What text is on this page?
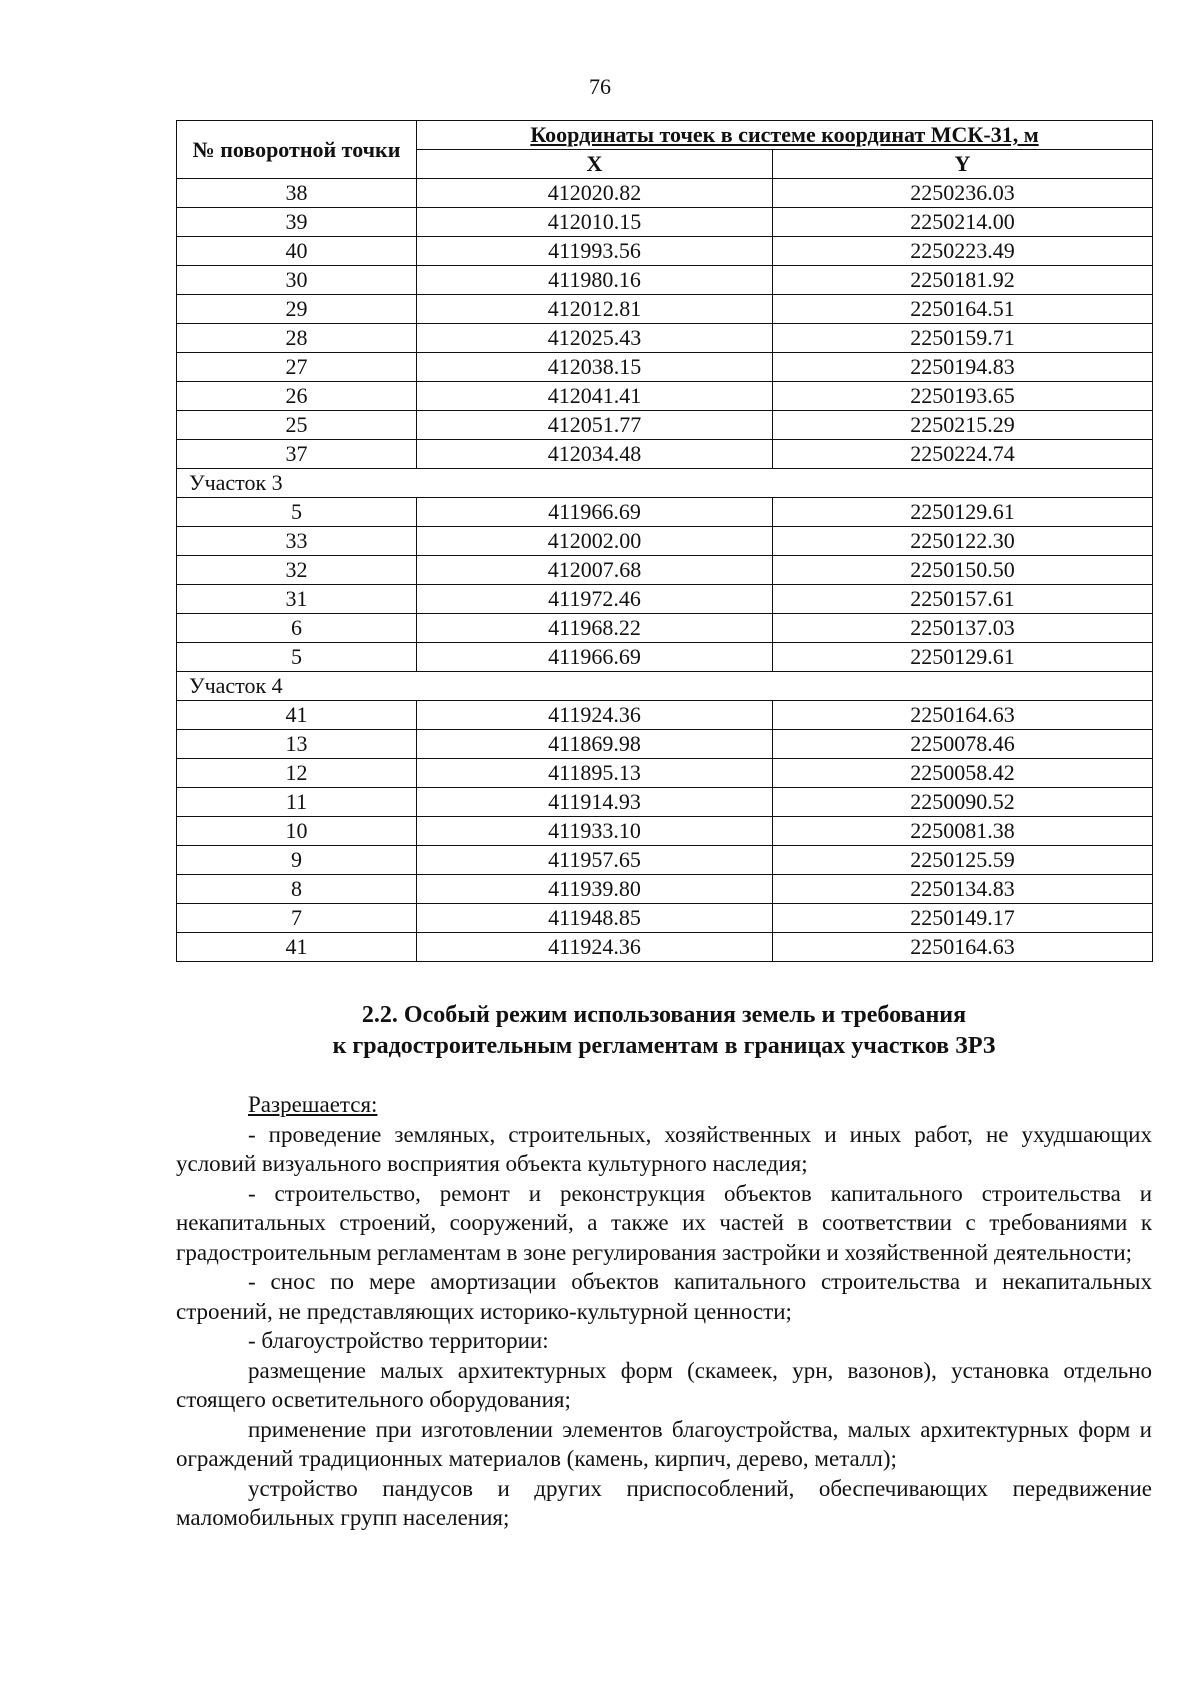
76
№ поворотной точки	Координаты точек в системе координат МСК-31, м	
	X	Y
38	412020.82	2250236.03
39	412010.15	2250214.00
40	411993.56	2250223.49
30	411980.16	2250181.92
29	412012.81	2250164.51
28	412025.43	2250159.71
27	412038.15	2250194.83
26	412041.41	2250193.65
25	412051.77	2250215.29
37	412034.48	2250224.74
Участок 3		
5	411966.69	2250129.61
33	412002.00	2250122.30
32	412007.68	2250150.50
31	411972.46	2250157.61
6	411968.22	2250137.03
5	411966.69	2250129.61
Участок 4		
41	411924.36	2250164.63
13	411869.98	2250078.46
12	411895.13	2250058.42
11	411914.93	2250090.52
10	411933.10	2250081.38
9	411957.65	2250125.59
8	411939.80	2250134.83
7	411948.85	2250149.17
41	411924.36	2250164.63
2.2. Особый режим использования земель и требования
к градостроительным регламентам в границах участков ЗРЗ

Разрешается:

- проведение земляных, строительных, хозяйственных и иных работ, не ухудшающих условий визуального восприятия объекта культурного наследия;

- строительство, ремонт и реконструкция объектов капитального строительства и некапитальных строений, сооружений, а также их частей в соответствии с требованиями к градостроительным регламентам в зоне регулирования застройки и хозяйственной деятельности;

- снос по мере амортизации объектов капитального строительства и некапитальных строений, не представляющих историко-культурной ценности;

- благоустройство территории:

размещение малых архитектурных форм (скамеек, урн, вазонов), установка отдельно стоящего осветительного оборудования;

применение при изготовлении элементов благоустройства, малых архитектурных форм и ограждений традиционных материалов (камень, кирпич, дерево, металл);

устройство пандусов и других приспособлений, обеспечивающих передвижение маломобильных групп населения;
